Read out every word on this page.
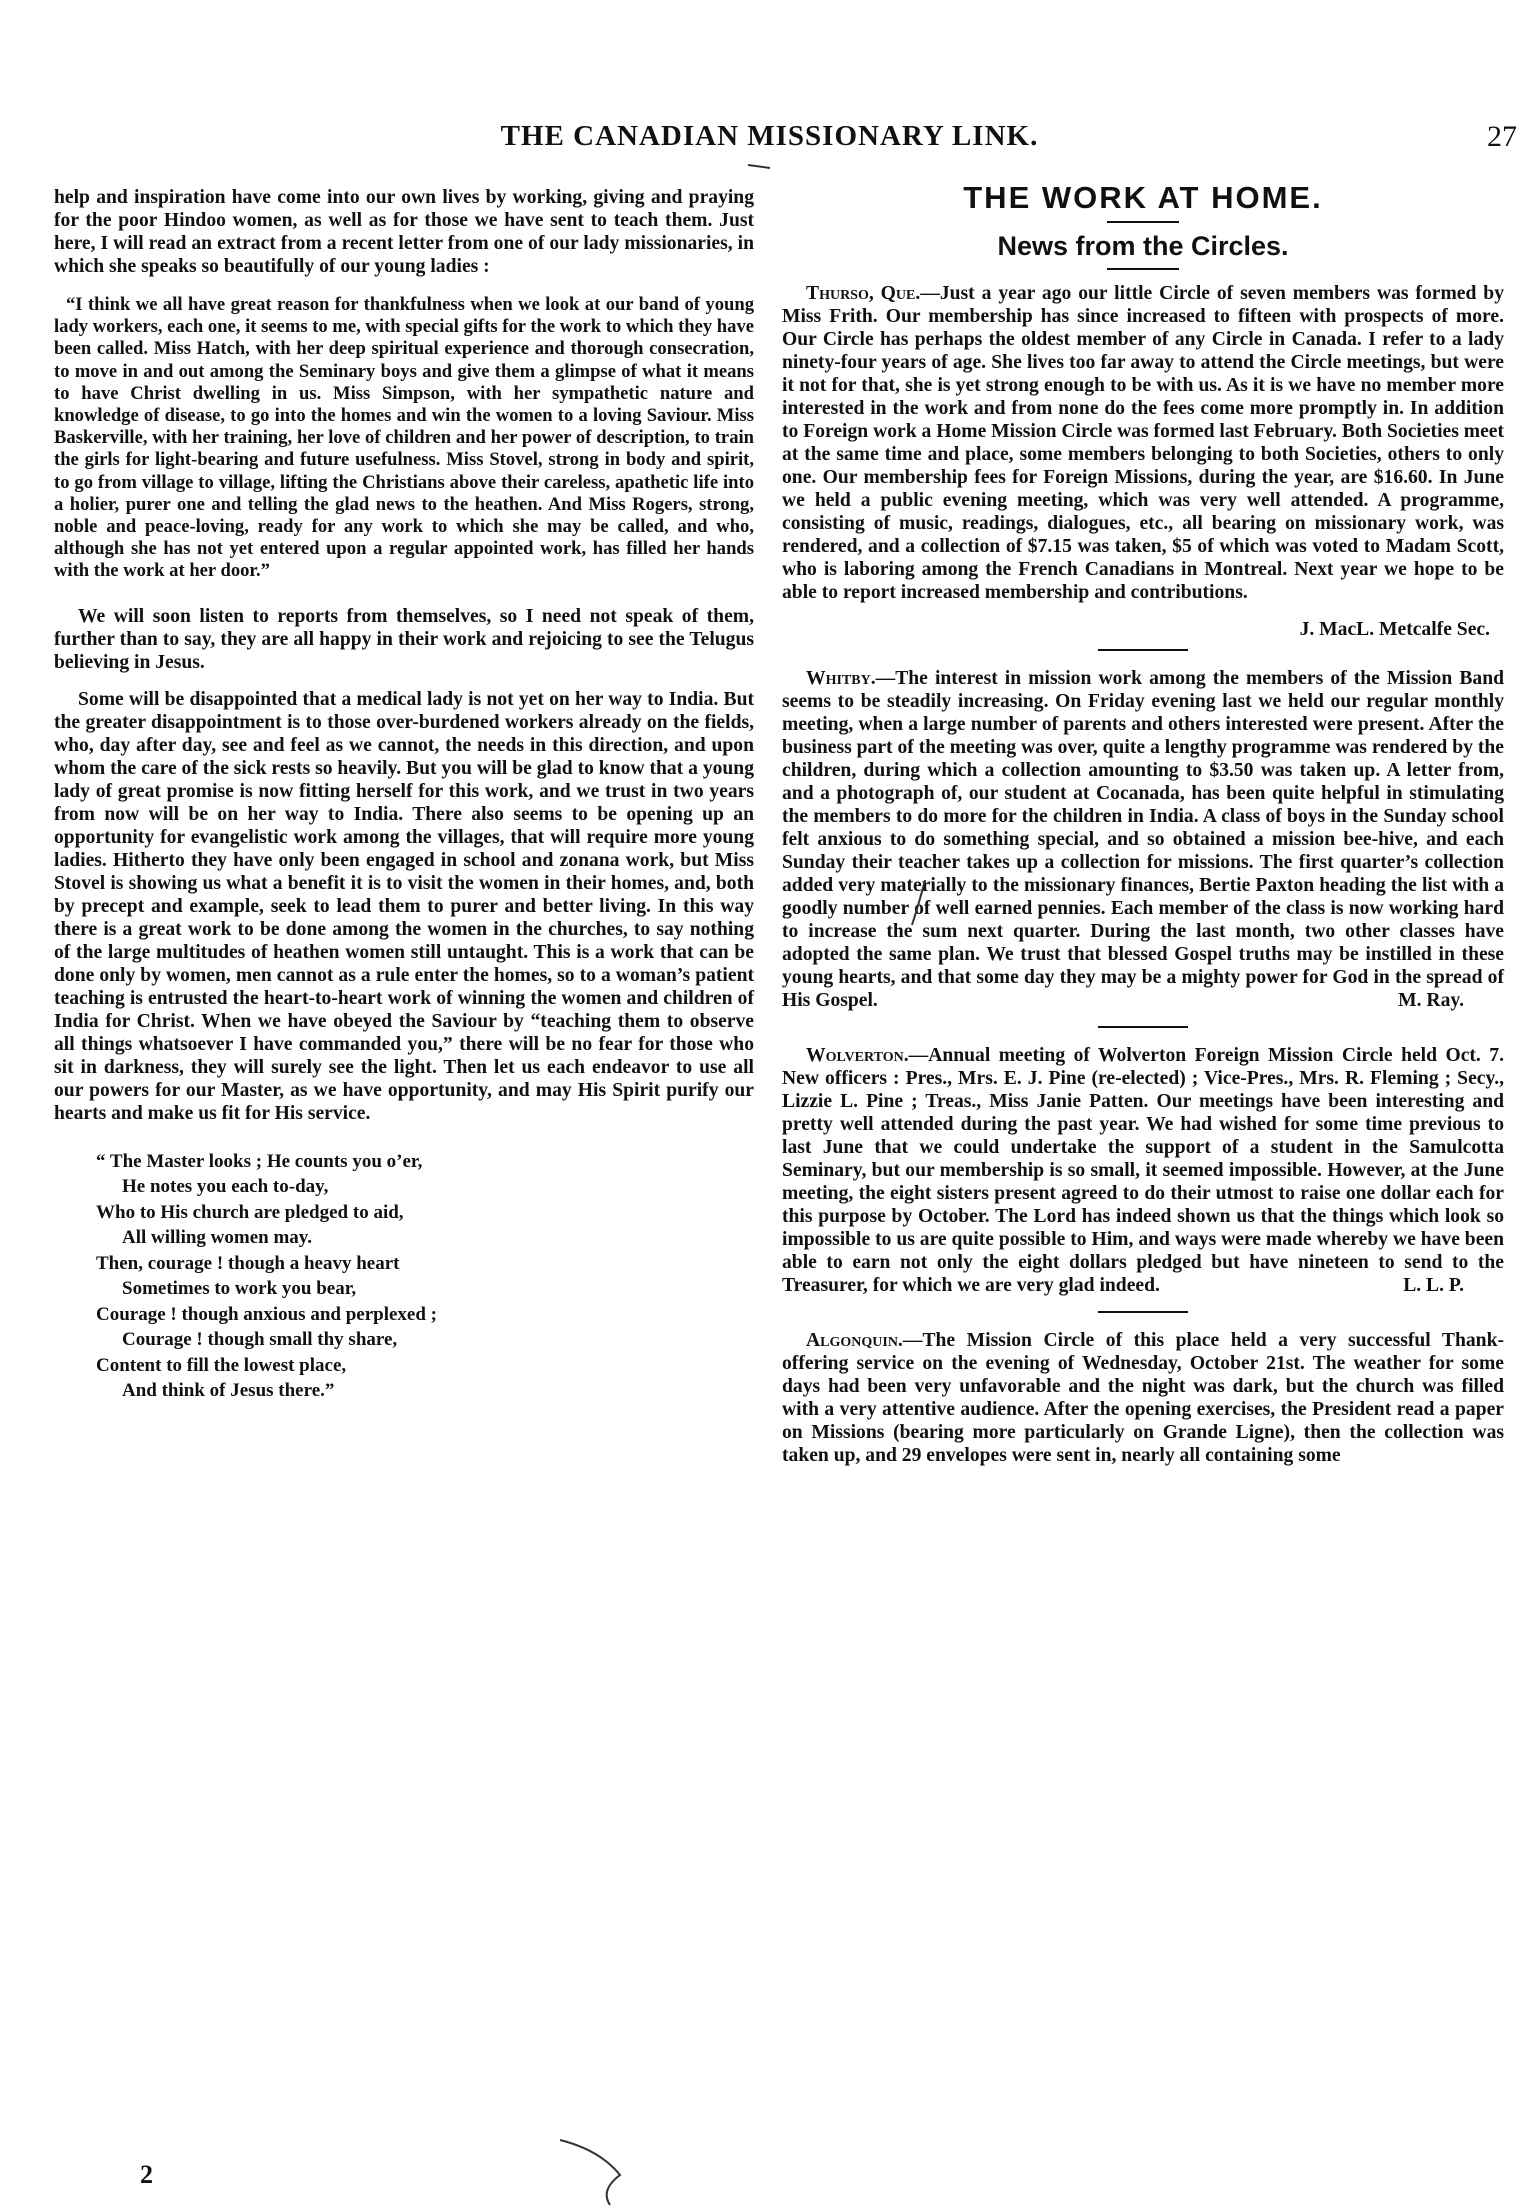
THE CANADIAN MISSIONARY LINK.	27

help and inspiration have come into our own lives by working, giving and praying for the poor Hindoo women, as well as for those we have sent to teach them. Just here, I will read an extract from a recent letter from one of our lady missionaries, in which she speaks so beautifully of our young ladies :

“I think we all have great reason for thankfulness when we look at our band of young lady workers, each one, it seems to me, with special gifts for the work to which they have been called. Miss Hatch, with her deep spiritual experience and thorough consecration, to move in and out among the Seminary boys and give them a glimpse of what it means to have Christ dwelling in us. Miss Simpson, with her sympathetic nature and knowledge of disease, to go into the homes and win the women to a loving Saviour. Miss Baskerville, with her training, her love of children and her power of description, to train the girls for light-bearing and future usefulness. Miss Stovel, strong in body and spirit, to go from village to village, lifting the Christians above their careless, apathetic life into a holier, purer one and telling the glad news to the heathen. And Miss Rogers, strong, noble and peace-loving, ready for any work to which she may be called, and who, although she has not yet entered upon a regular appointed work, has filled her hands with the work at her door.”

We will soon listen to reports from themselves, so I need not speak of them, further than to say, they are all happy in their work and rejoicing to see the Telugus believing in Jesus.

Some will be disappointed that a medical lady is not yet on her way to India. But the greater disappointment is to those over-burdened workers already on the fields, who, day after day, see and feel as we cannot, the needs in this direction, and upon whom the care of the sick rests so heavily. But you will be glad to know that a young lady of great promise is now fitting herself for this work, and we trust in two years from now will be on her way to India. There also seems to be opening up an opportunity for evangelistic work among the villages, that will require more young ladies. Hitherto they have only been engaged in school and zonana work, but Miss Stovel is showing us what a benefit it is to visit the women in their homes, and, both by precept and example, seek to lead them to purer and better living. In this way there is a great work to be done among the women in the churches, to say nothing of the large multitudes of heathen women still untaught. This is a work that can be done only by women, men cannot as a rule enter the homes, so to a woman’s patient teaching is entrusted the heart-to-heart work of winning the women and children of India for Christ. When we have obeyed the Saviour by “teaching them to observe all things whatsoever I have commanded you,” there will be no fear for those who sit in darkness, they will surely see the light. Then let us each endeavor to use all our powers for our Master, as we have opportunity, and may His Spirit purify our hearts and make us fit for His service.

“ The Master looks ; He counts you o’er,
He notes you each to-day,
Who to His church are pledged to aid,
All willing women may.
Then, courage ! though a heavy heart
Sometimes to work you bear,
Courage ! though anxious and perplexed ;
Courage ! though small thy share,
Content to fill the lowest place,
And think of Jesus there.”
2
THE WORK AT HOME.
News from the Circles.

Thurso, Que.—Just a year ago our little Circle of seven members was formed by Miss Frith. Our membership has since increased to fifteen with prospects of more. Our Circle has perhaps the oldest member of any Circle in Canada. I refer to a lady ninety-four years of age. She lives too far away to attend the Circle meetings, but were it not for that, she is yet strong enough to be with us. As it is we have no member more interested in the work and from none do the fees come more promptly in. In addition to Foreign work a Home Mission Circle was formed last February. Both Societies meet at the same time and place, some members belonging to both Societies, others to only one. Our membership fees for Foreign Missions, during the year, are $16.60. In June we held a public evening meeting, which was very well attended. A programme, consisting of music, readings, dialogues, etc., all bearing on missionary work, was rendered, and a collection of $7.15 was taken, $5 of which was voted to Madam Scott, who is laboring among the French Canadians in Montreal. Next year we hope to be able to report increased membership and contributions.

J. MacL. Metcalfe Sec.

Whitby.—The interest in mission work among the members of the Mission Band seems to be steadily increasing. On Friday evening last we held our regular monthly meeting, when a large number of parents and others interested were present. After the business part of the meeting was over, quite a lengthy programme was rendered by the children, during which a collection amounting to $3.50 was taken up. A letter from, and a photograph of, our student at Cocanada, has been quite helpful in stimulating the members to do more for the children in India. A class of boys in the Sunday school felt anxious to do something special, and so obtained a mission bee-hive, and each Sunday their teacher takes up a collection for missions. The first quarter’s collection added very materially to the missionary finances, Bertie Paxton heading the list with a goodly number of well earned pennies. Each member of the class is now working hard to increase the sum next quarter. During the last month, two other classes have adopted the same plan. We trust that blessed Gospel truths may be instilled in these young hearts, and that some day they may be a mighty power for God in the spread of His Gospel.	M. Ray.

Wolverton.—Annual meeting of Wolverton Foreign Mission Circle held Oct. 7. New officers : Pres., Mrs. E. J. Pine (re-elected) ; Vice-Pres., Mrs. R. Fleming ; Secy., Lizzie L. Pine ; Treas., Miss Janie Patten. Our meetings have been interesting and pretty well attended during the past year. We had wished for some time previous to last June that we could undertake the support of a student in the Samulcotta Seminary, but our membership is so small, it seemed impossible. However, at the June meeting, the eight sisters present agreed to do their utmost to raise one dollar each for this purpose by October. The Lord has indeed shown us that the things which look so impossible to us are quite possible to Him, and ways were made whereby we have been able to earn not only the eight dollars pledged but have nineteen to send to the Treasurer, for which we are very glad indeed.	L. L. P.

Algonquin.—The Mission Circle of this place held a very successful Thank-offering service on the evening of Wednesday, October 21st. The weather for some days had been very unfavorable and the night was dark, but the church was filled with a very attentive audience. After the opening exercises, the President read a paper on Missions (bearing more particularly on Grande Ligne), then the collection was taken up, and 29 envelopes were sent in, nearly all containing some
